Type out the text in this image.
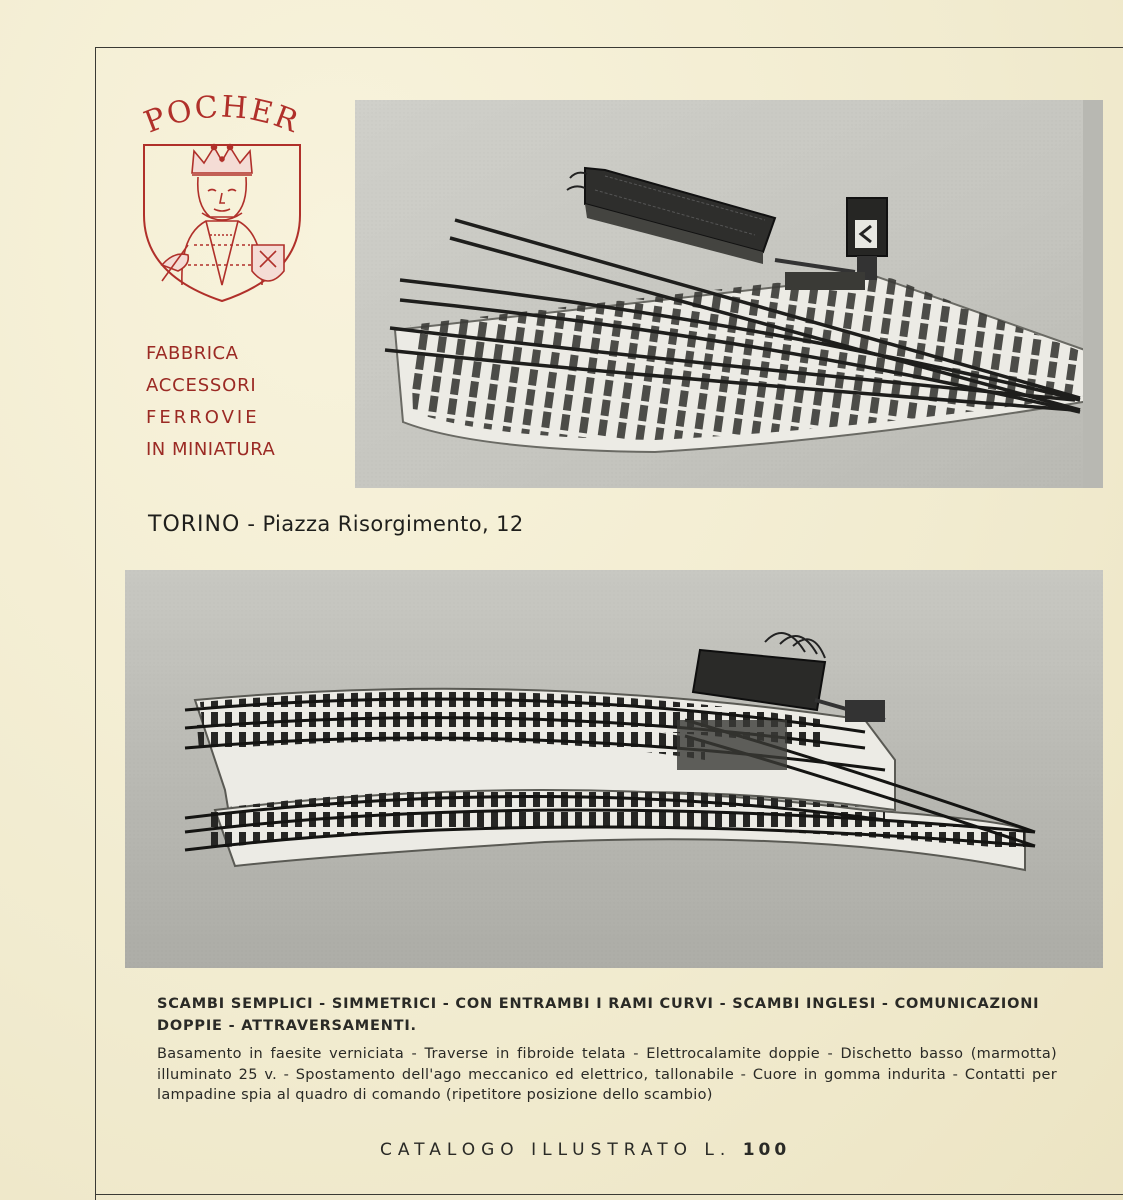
POCHER
FABBRICA
ACCESSORI
FERROVIE
IN MINIATURA
TORINO - Piazza Risorgimento, 12
SCAMBI SEMPLICI - SIMMETRICI - CON ENTRAMBI I RAMI CURVI - SCAMBI INGLESI - COMUNICAZIONI DOPPIE - ATTRAVERSAMENTI.
Basamento in faesite verniciata - Traverse in fibroide telata - Elettrocalamite doppie - Dischetto basso (marmotta) illuminato 25 v. - Spostamento dell'ago meccanico ed elettrico, tallonabile - Cuore in gomma indurita - Contatti per lampadine spia al quadro di comando (ripetitore posizione dello scambio)
CATALOGO ILLUSTRATO L. 100
